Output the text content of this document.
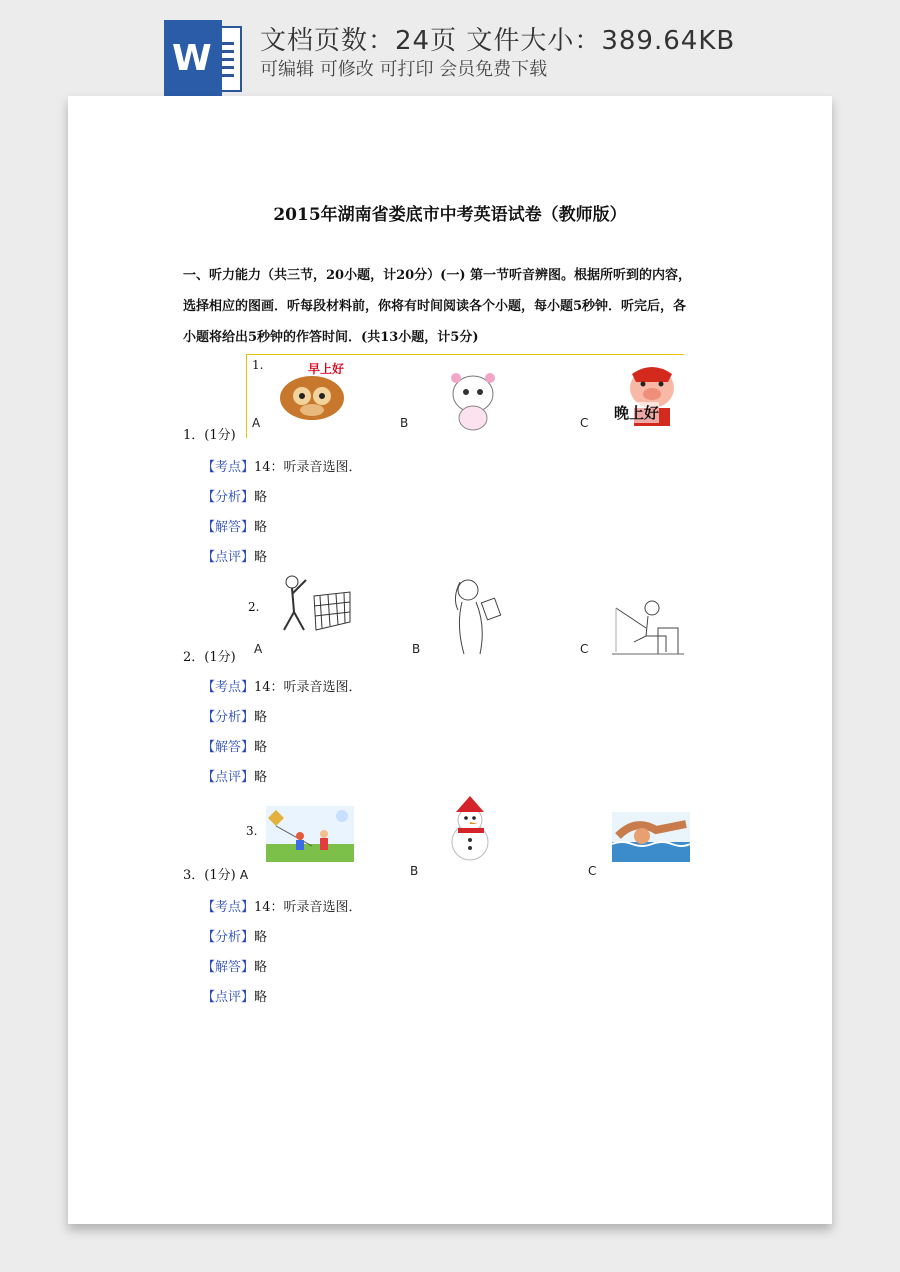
W 文档页数：24页 文件大小：389.64KB
可编辑 可修改 可打印 会员免费下载
2015年湖南省娄底市中考英语试卷（教师版）

一、听力能力（共三节，20小题，计20分）(一) 第一节听音辨图。根据所听到的内容，

选择相应的图画．听每段材料前，你将有时间阅读各个小题，每小题5秒钟．听完后，各

小题将给出5秒钟的作答时间．(共13小题，计5分)

1.	早上好
晚上好
A	B	C
1．(1分)
【考点】14：听录音选图．
【分析】略
【解答】略
【点评】略
2.
A	B	C
2．(1分)
【考点】14：听录音选图．
【分析】略
【解答】略
【点评】略
3.
B	C
3．(1分) A
【考点】14：听录音选图．
【分析】略
【解答】略
【点评】略
